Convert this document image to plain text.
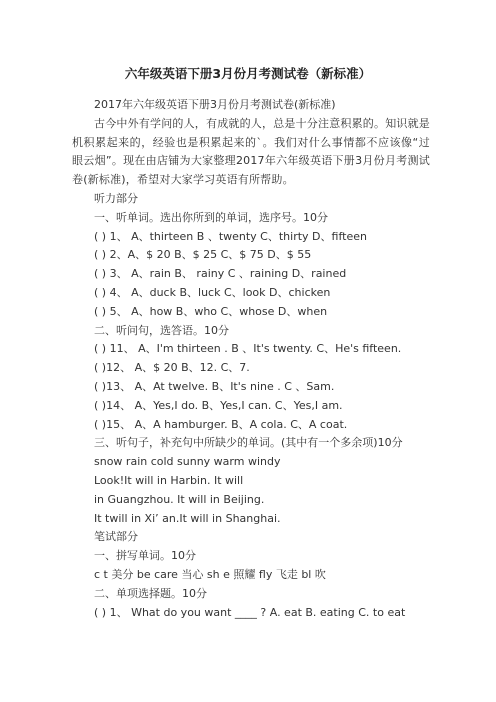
六年级英语下册3月份月考测试卷（新标准）
2017年六年级英语下册3月份月考测试卷(新标准)
古今中外有学问的人，有成就的人，总是十分注意积累的。知识就是机积累起来的，经验也是积累起来的`。我们对什么事情都不应该像“过眼云烟”。现在由店铺为大家整理2017年六年级英语下册3月份月考测试卷(新标准)，希望对大家学习英语有所帮助。
听力部分
一、听单词。选出你所到的单词，选序号。10分
( ) 1、 A、thirteen B 、twenty C、thirty D、fifteen
( ) 2、A、$ 20 B、$ 25 C、$ 75 D、$ 55
( ) 3、 A、rain B、 rainy C 、raining D、rained
( ) 4、 A、duck B、luck C、look D、chicken
( ) 5、 A、how B、who C、whose D、when
二、听问句，选答语。10分
( ) 11、 A、I'm thirteen . B 、It's twenty. C、He's fifteen.
( )12、 A、$ 20 B、12. C、7.
( )13、 A、At twelve. B、It's nine . C 、Sam.
( )14、 A、Yes,I do. B、Yes,I can. C、Yes,I am.
( )15、 A、A hamburger. B、A cola. C、A coat.
三、听句子，补充句中所缺少的单词。(其中有一个多余项)10分
snow rain cold sunny warm windy
Look!It will in Harbin. It will
in Guangzhou. It will in Beijing.
It twill in Xi’ an.It will in Shanghai.
笔试部分
一、拼写单词。10分
c t 美分 be care 当心 sh e 照耀 fly 飞走 bl 吹
二、单项选择题。10分
( ) 1、 What do you want ____ ? A. eat B. eating C. to eat
